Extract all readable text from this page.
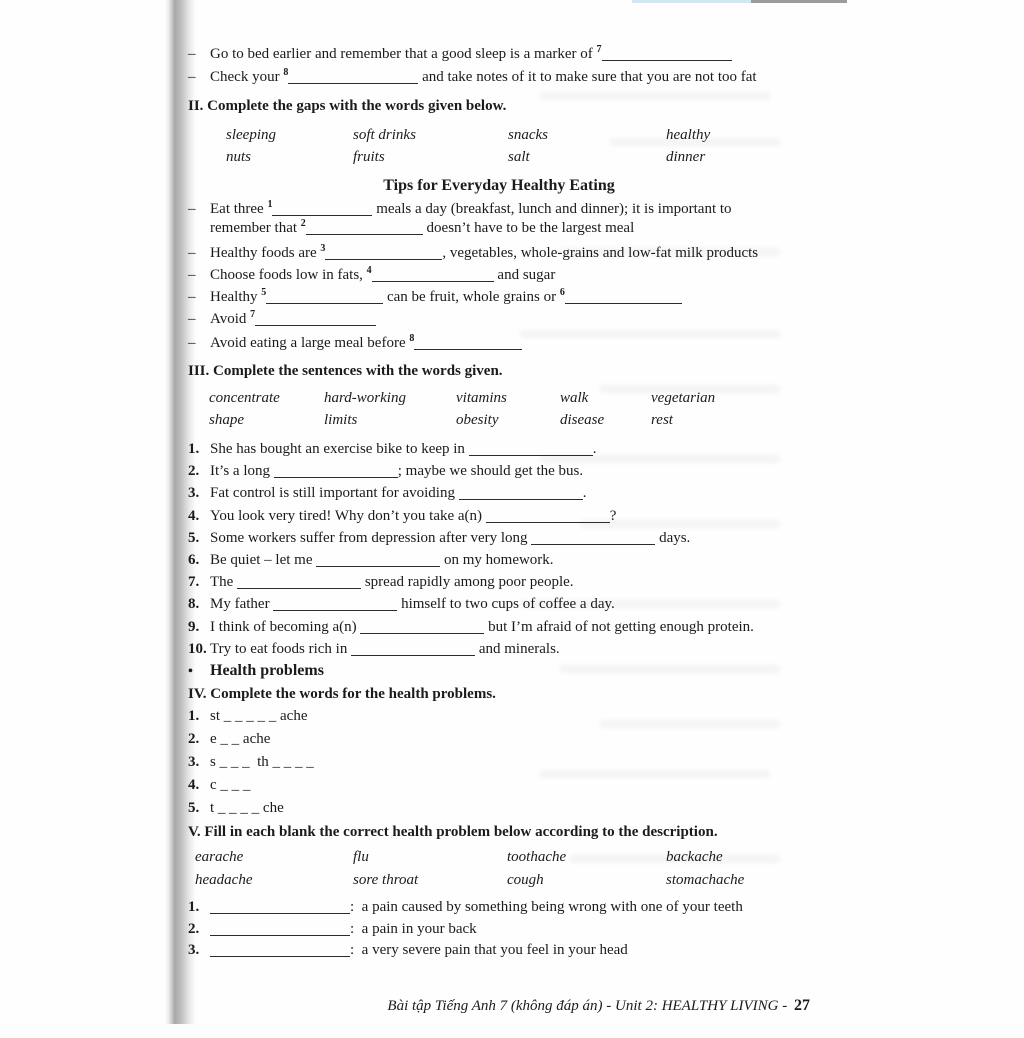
– Go to bed earlier and remember that a good sleep is a marker of $^7$
– Check your $^8$	and take notes of it to make sure that you are not too fat
II. Complete the gaps with the words given below.
sleeping	soft drinks	snacks	healthy
nuts	fruits	salt	dinner
Tips for Everyday Healthy Eating
– Eat three $^1$	meals a day (breakfast, lunch and dinner); it is important to
remember that $^2$	doesn’t have to be the largest meal
– Healthy foods are $^3$	, vegetables, whole-grains and low-fat milk products
– Choose foods low in fats, $^4$	and sugar
– Healthy $^5$	can be fruit, whole grains or $^6$
– Avoid $^7$
– Avoid eating a large meal before $^8$
III. Complete the sentences with the words given.
concentrate	hard-working	vitamins	walk	vegetarian
shape	limits	obesity	disease	rest
1. She has bought an exercise bike to keep in	.
2. It’s a long	; maybe we should get the bus.
3. Fat control is still important for avoiding	.
4. You look very tired! Why don’t you take a(n)	?
5. Some workers suffer from depression after very long	days.
6. Be quiet – let me	on my homework.
7. The	spread rapidly among poor people.
8. My father	himself to two cups of coffee a day.
9. I think of becoming a(n)	but I’m afraid of not getting enough protein.
10. Try to eat foods rich in	and minerals.
•	Health problems
IV. Complete the words for the health problems.
1. st _ _ _ _ _ ache
2. e _ _ ache
3. s _ _ _  th _ _ _ _
4. c _ _ _
5. t _ _ _ _ che
V. Fill in each blank the correct health problem below according to the description.
earache	flu	toothache	backache
headache	sore throat	cough	stomachache
1.	:  a pain caused by something being wrong with one of your teeth
2.	:  a pain in your back
3.	:  a very severe pain that you feel in your head

Bài tập Tiếng Anh 7 (không đáp án) - Unit 2: HEALTHY LIVING - 27
